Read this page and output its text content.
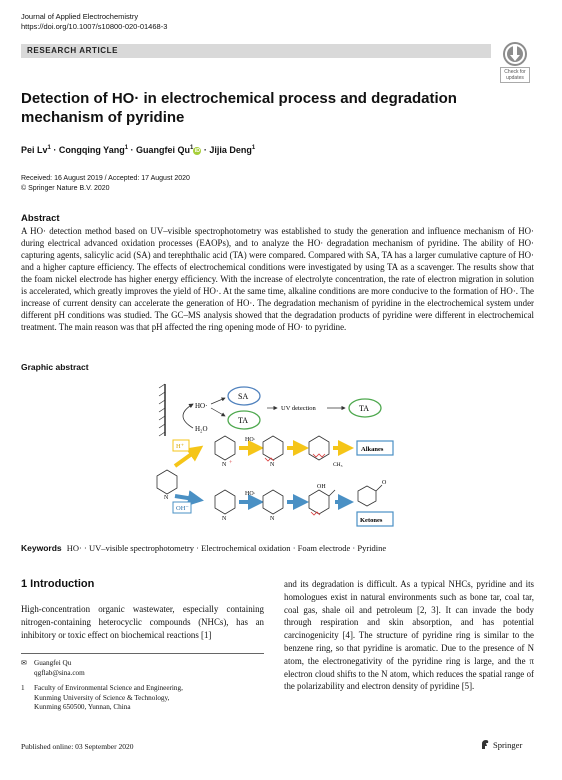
Journal of Applied Electrochemistry
https://doi.org/10.1007/s10800-020-01468-3
RESEARCH ARTICLE
Check for
updates
Detection of HO· in electrochemical process and degradation mechanism of pyridine
Pei $Lv^1$ · Congqing Yang$^1$ · Guangfei $Qu^1iD$ · Jijia Deng$^1$
Received: 16 August 2019 / Accepted: 17 August 2020
© Springer Nature B.V. 2020
Abstract
A HO· detection method based on UV–visible spectrophotometry was established to study the generation and influence mechanism of HO· during electrical advanced oxidation processes (EAOPs), and to analyze the HO· degradation mechanism of pyridine. The ability of HO· capturing agents, salicylic acid (SA) and terephthalic acid (TA) were compared. Compared with SA, TA has a larger cumulative capture of HO· and a higher capture efficiency. The effects of electrochemical conditions were investigated by using TA as a scavenger. The results show that the foam nickel electrode has higher energy efficiency. With the increase of electrolyte concentration, the rate of electron migration in solution is accelerated, which greatly improves the yield of HO·. At the same time, alkaline conditions are more conducive to the formation of HO·. The increase of current density can accelerate the generation of HO·. The degradation mechanism of pyridine in the electrochemical system under different pH conditions was studied. The GC–MS analysis showed that the degradation products of pyridine were different in electrochemical treatment. The main reason was that pH affected the ring opening mode of HO· to pyridine.
Graphic abstract
HO·
H₂O
SA
TA
UV detection	TA
N
H⁺
N +
HO·
N	CH₃
Alkanes
OH⁻
N
HO·
N
OH
O
Ketones
Keywords HO· · UV–visible spectrophotometry · Electrochemical oxidation · Foam electrode · Pyridine
1 Introduction
High-concentration organic wastewater, especially containing nitrogen-containing heterocyclic compounds (NHCs), has an inhibitory or toxic effect on biochemical reactions [1]
and its degradation is difficult. As a typical NHCs, pyridine and its homologues exist in natural environments such as bone tar, coal tar, coal gas, shale oil and petroleum [2, 3]. It can invade the body through respiration and skin absorption, and has potential carcinogenicity [4]. The structure of pyridine ring is similar to the benzene ring, so that pyridine is aromatic. Due to the presence of N atom, the electronegativity of the pyridine ring is large, and the π electron cloud shifts to the N atom, which reduces the spatial range of the polarizability and electron density of pyridine [5].
✉ Guangfei Qu
qgflab@sina.com
1	Faculty of Environmental Science and Engineering,
Kunming University of Science & Technology,
Kunming 650500, Yunnan, China
Published online: 03 September 2020	Springer
